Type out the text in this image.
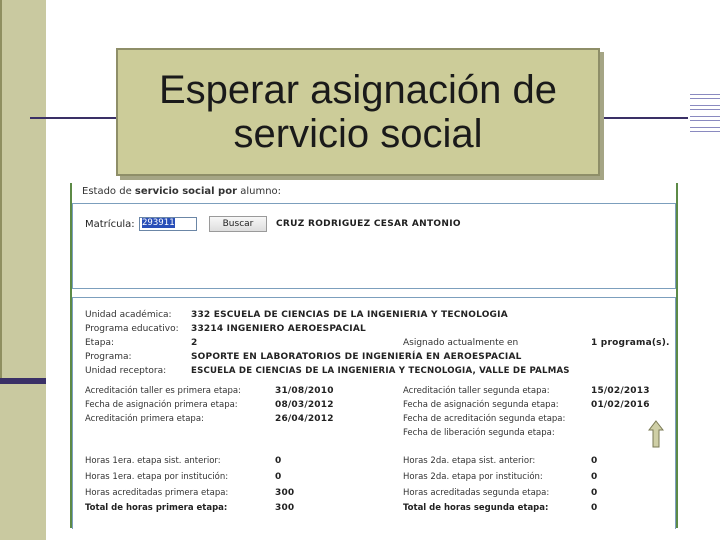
Esperar asignación de
servicio social
Estado de servicio social por alumno:
Matrícula: 293911	Buscar	CRUZ RODRIGUEZ CESAR ANTONIO
Unidad académica: 332 ESCUELA DE CIENCIAS DE LA INGENIERIA Y TECNOLOGIA
Programa educativo: 33214 INGENIERO AEROESPACIAL
Etapa:	2	Asignado actualmente en	1 programa(s).
Programa:	SOPORTE EN LABORATORIOS DE INGENIERÍA EN AEROESPACIAL
Unidad receptora:	ESCUELA DE CIENCIAS DE LA INGENIERIA Y TECNOLOGIA, VALLE DE PALMAS
Acreditación taller es primera etapa:	31/08/2010	Acreditación taller segunda etapa:	15/02/2013
Fecha de asignación primera etapa:	08/03/2012	Fecha de asignación segunda etapa:	01/02/2016
Acreditación primera etapa:	26/04/2012	Fecha de acreditación segunda etapa:
Fecha de liberación segunda etapa:
Horas 1era. etapa sist. anterior:	0	Horas 2da. etapa sist. anterior:	0
Horas 1era. etapa por institución:	0	Horas 2da. etapa por institución:	0
Horas acreditadas primera etapa:	300	Horas acreditadas segunda etapa:	0
Total de horas primera etapa:	300	Total de horas segunda etapa:	0
